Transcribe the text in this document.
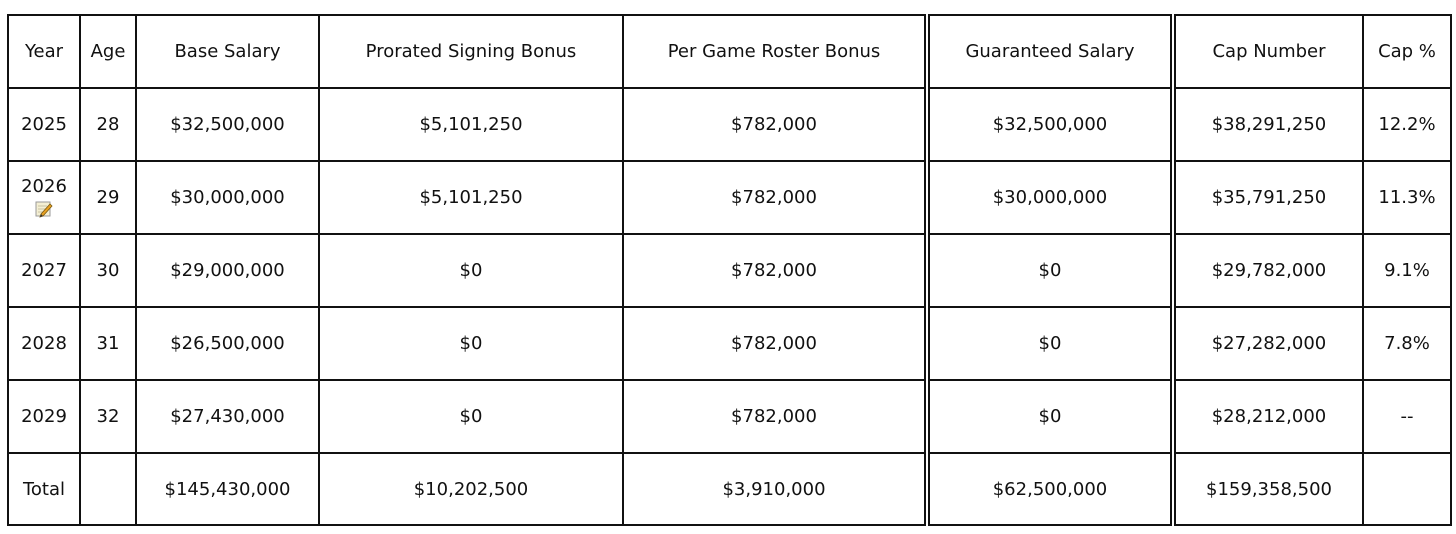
Year	Age	Base Salary	Prorated Signing Bonus	Per Game Roster Bonus	Guaranteed Salary	Cap Number	Cap %
2025	28	$32,500,000	$5,101,250	$782,000	$32,500,000	$38,291,250	12.2%
2026	29	$30,000,000	$5,101,250	$782,000	$30,000,000	$35,791,250	11.3%
2027	30	$29,000,000	$0	$782,000	$0	$29,782,000	9.1%
2028	31	$26,500,000	$0	$782,000	$0	$27,282,000	7.8%
2029	32	$27,430,000	$0	$782,000	$0	$28,212,000	--
Total		$145,430,000	$10,202,500	$3,910,000	$62,500,000	$159,358,500	
